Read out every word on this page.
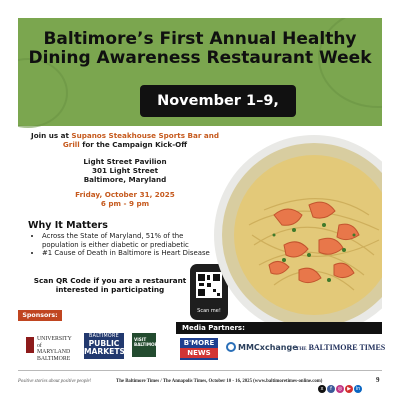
Baltimore’s First Annual Healthy
Dining Awareness Restaurant Week
November 1–9, 2025
Join us at Supanos Steakhouse Sports Bar and Grill for the Campaign Kick-Off
Light Street Pavilion
301 Light Street
Baltimore, Maryland
Friday, October 31, 2025
6 pm - 9 pm
Why It Matters
• Across the State of Maryland, 51% of the population is either diabetic or prediabetic
• #1 Cause of Death in Baltimore is Heart Disease
Scan QR Code if you are a restaurant interested in participating
Scan me!
Sponsors:
Media Partners:
UNIVERSITY
of MARYLAND
BALTIMORE
BALTIMORE
PUBLIC
MARKETS
VISIT
BALTIMORE	B'MORE
NEWS
MMCxchange
THE BALTIMORE TIMES
Positive stories about positive people!	The Baltimore Times / The Annapolis Times, October 10 - 16, 2025 (www.baltimoretimes-online.com)
x f ◎ ▶ in
9
